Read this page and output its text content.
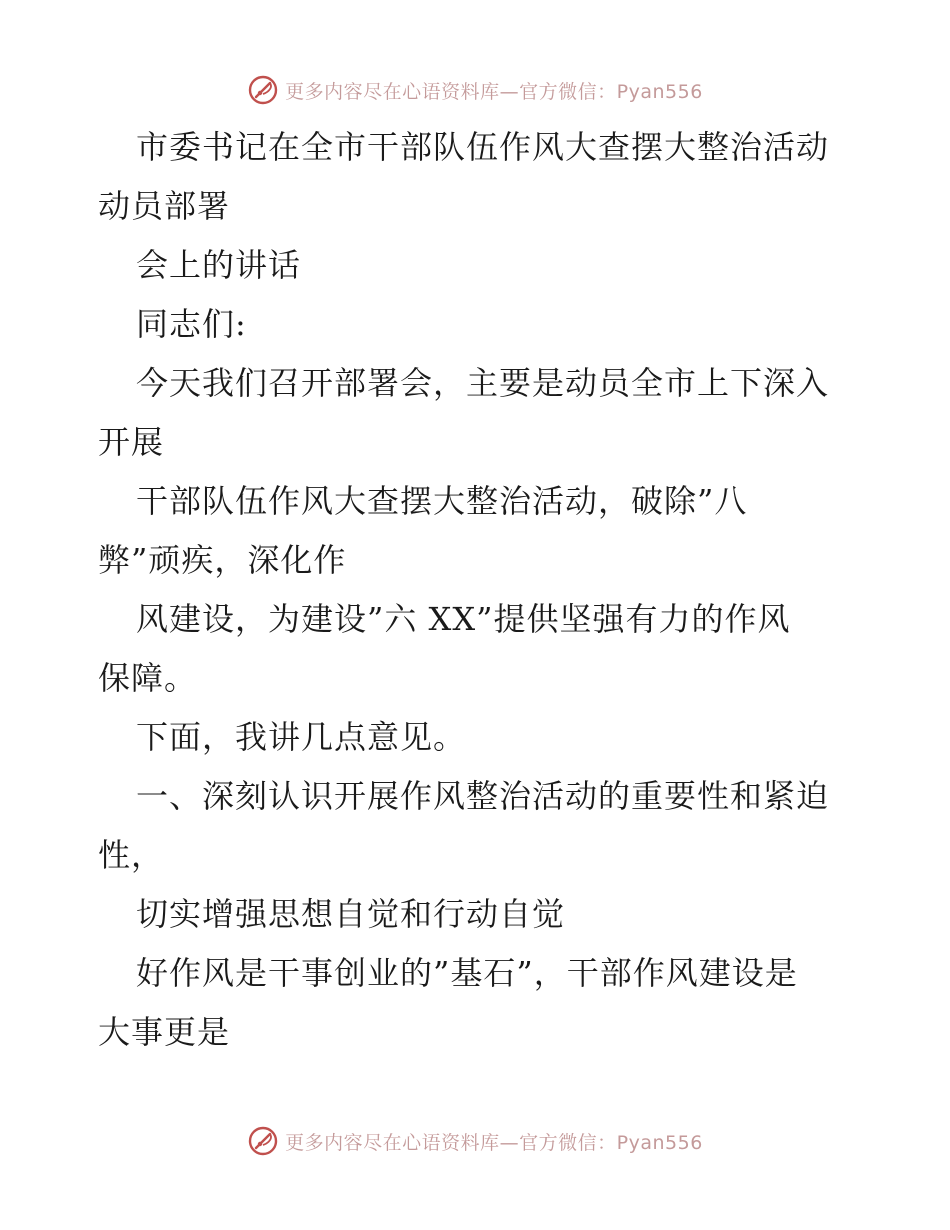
更多内容尽在心语资料库—官方微信：Pyan556

市委书记在全市干部队伍作风大查摆大整治活动

动员部署

会上的讲话

同志们:

今天我们召开部署会，主要是动员全市上下深入

开展

干部队伍作风大查摆大整治活动，破除”八

弊”顽疾，深化作

风建设，为建设”六 XX”提供坚强有力的作风

保障。

下面，我讲几点意见。

一、深刻认识开展作风整治活动的重要性和紧迫

性，

切实增强思想自觉和行动自觉

好作风是干事创业的”基石”，干部作风建设是

大事更是

更多内容尽在心语资料库—官方微信：Pyan556
